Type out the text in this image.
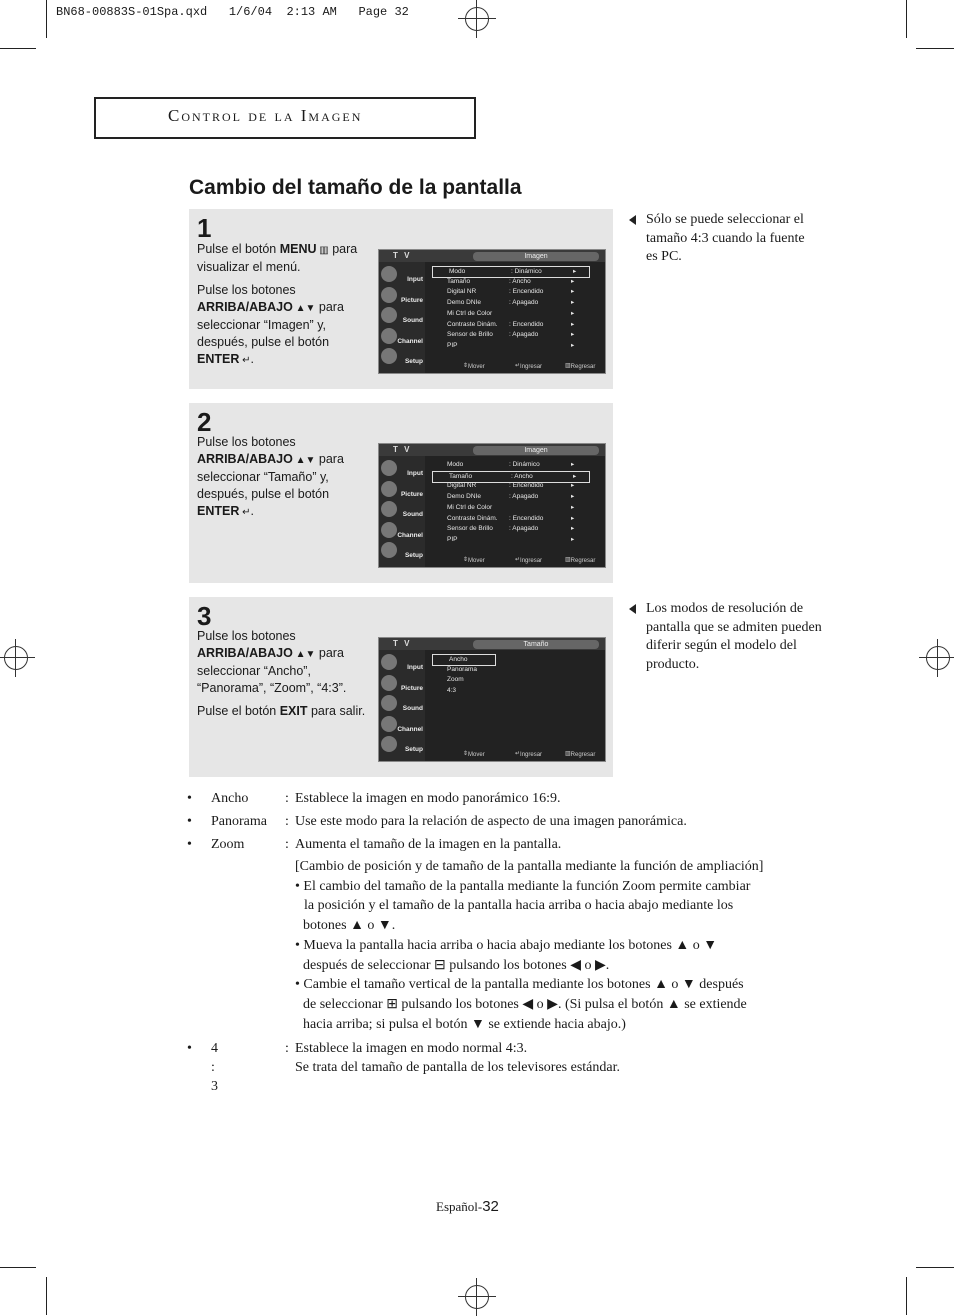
BN68-00883S-01Spa.qxd   1/6/04  2:13 AM   Page 32
Control de la Imagen
Cambio del tamaño de la pantalla
1

Pulse el botón MENU ▥ para visualizar el menú.

Pulse los botones ARRIBA/ABAJO ▲▼ para seleccionar “Imagen” y, después, pulse el botón ENTER ↵.

T V	Imagen
Input
Picture
Sound
Channel
Setup
Modo	: Dinámico	▸
Tamaño	: Ancho	▸
Digital NR	: Encendido	▸
Demo DNIe	: Apagado	▸
Mi Ctrl de Color	▸
Contraste Dinám. : Encendido	▸
Sensor de Brillo : Apagado	▸
PIP	▸
⇕ Mover	↵ Ingresar	▥ Regresar
2

Pulse los botones ARRIBA/ABAJO ▲▼ para seleccionar “Tamaño” y, después, pulse el botón ENTER ↵.

T V	Imagen
Input
Picture
Sound
Channel
Setup
Modo	: Dinámico	▸
Tamaño	: Ancho	▸
Digital NR	: Encendido	▸
Demo DNIe	: Apagado	▸
Mi Ctrl de Color	▸
Contraste Dinám. : Encendido	▸
Sensor de Brillo : Apagado	▸
PIP	▸
⇕ Mover	↵ Ingresar	▥ Regresar
3

Pulse los botones ARRIBA/ABAJO ▲▼ para seleccionar “Ancho”, “Panorama”, “Zoom”, “4:3”.

Pulse el botón EXIT para salir.

T V	Tamaño
Input
Picture
Sound
Channel
Setup
Ancho
Panorama
Zoom
4:3
⇕ Mover	↵ Ingresar	▥ Regresar
Sólo se puede seleccionar el tamaño 4:3 cuando la fuente es PC.
Los modos de resolución de pantalla que se admiten pueden diferir según el modelo del producto.
• Ancho	: Establece la imagen en modo panorámico 16:9.
• Panorama : Use este modo para la relación de aspecto de una imagen panorámica.
• Zoom	: Aumenta el tamaño de la imagen en la pantalla.
[Cambio de posición y de tamaño de la pantalla mediante la función de ampliación]
• El cambio del tamaño de la pantalla mediante la función Zoom permite cambiar
la posición y el tamaño de la pantalla hacia arriba o hacia abajo mediante los
botones ▲ o ▼.
• Mueva la pantalla hacia arriba o hacia abajo mediante los botones ▲ o ▼
después de seleccionar ⊟ pulsando los botones ◀ o ▶.
• Cambie el tamaño vertical de la pantalla mediante los botones ▲ o ▼ después
de seleccionar ⊞ pulsando los botones ◀ o ▶. (Si pulsa el botón ▲ se extiende
hacia arriba; si pulsa el botón ▼ se extiende hacia abajo.)
• 4 : 3
: Establece la imagen en modo normal 4:3.
Se trata del tamaño de pantalla de los televisores estándar.
Español-32
